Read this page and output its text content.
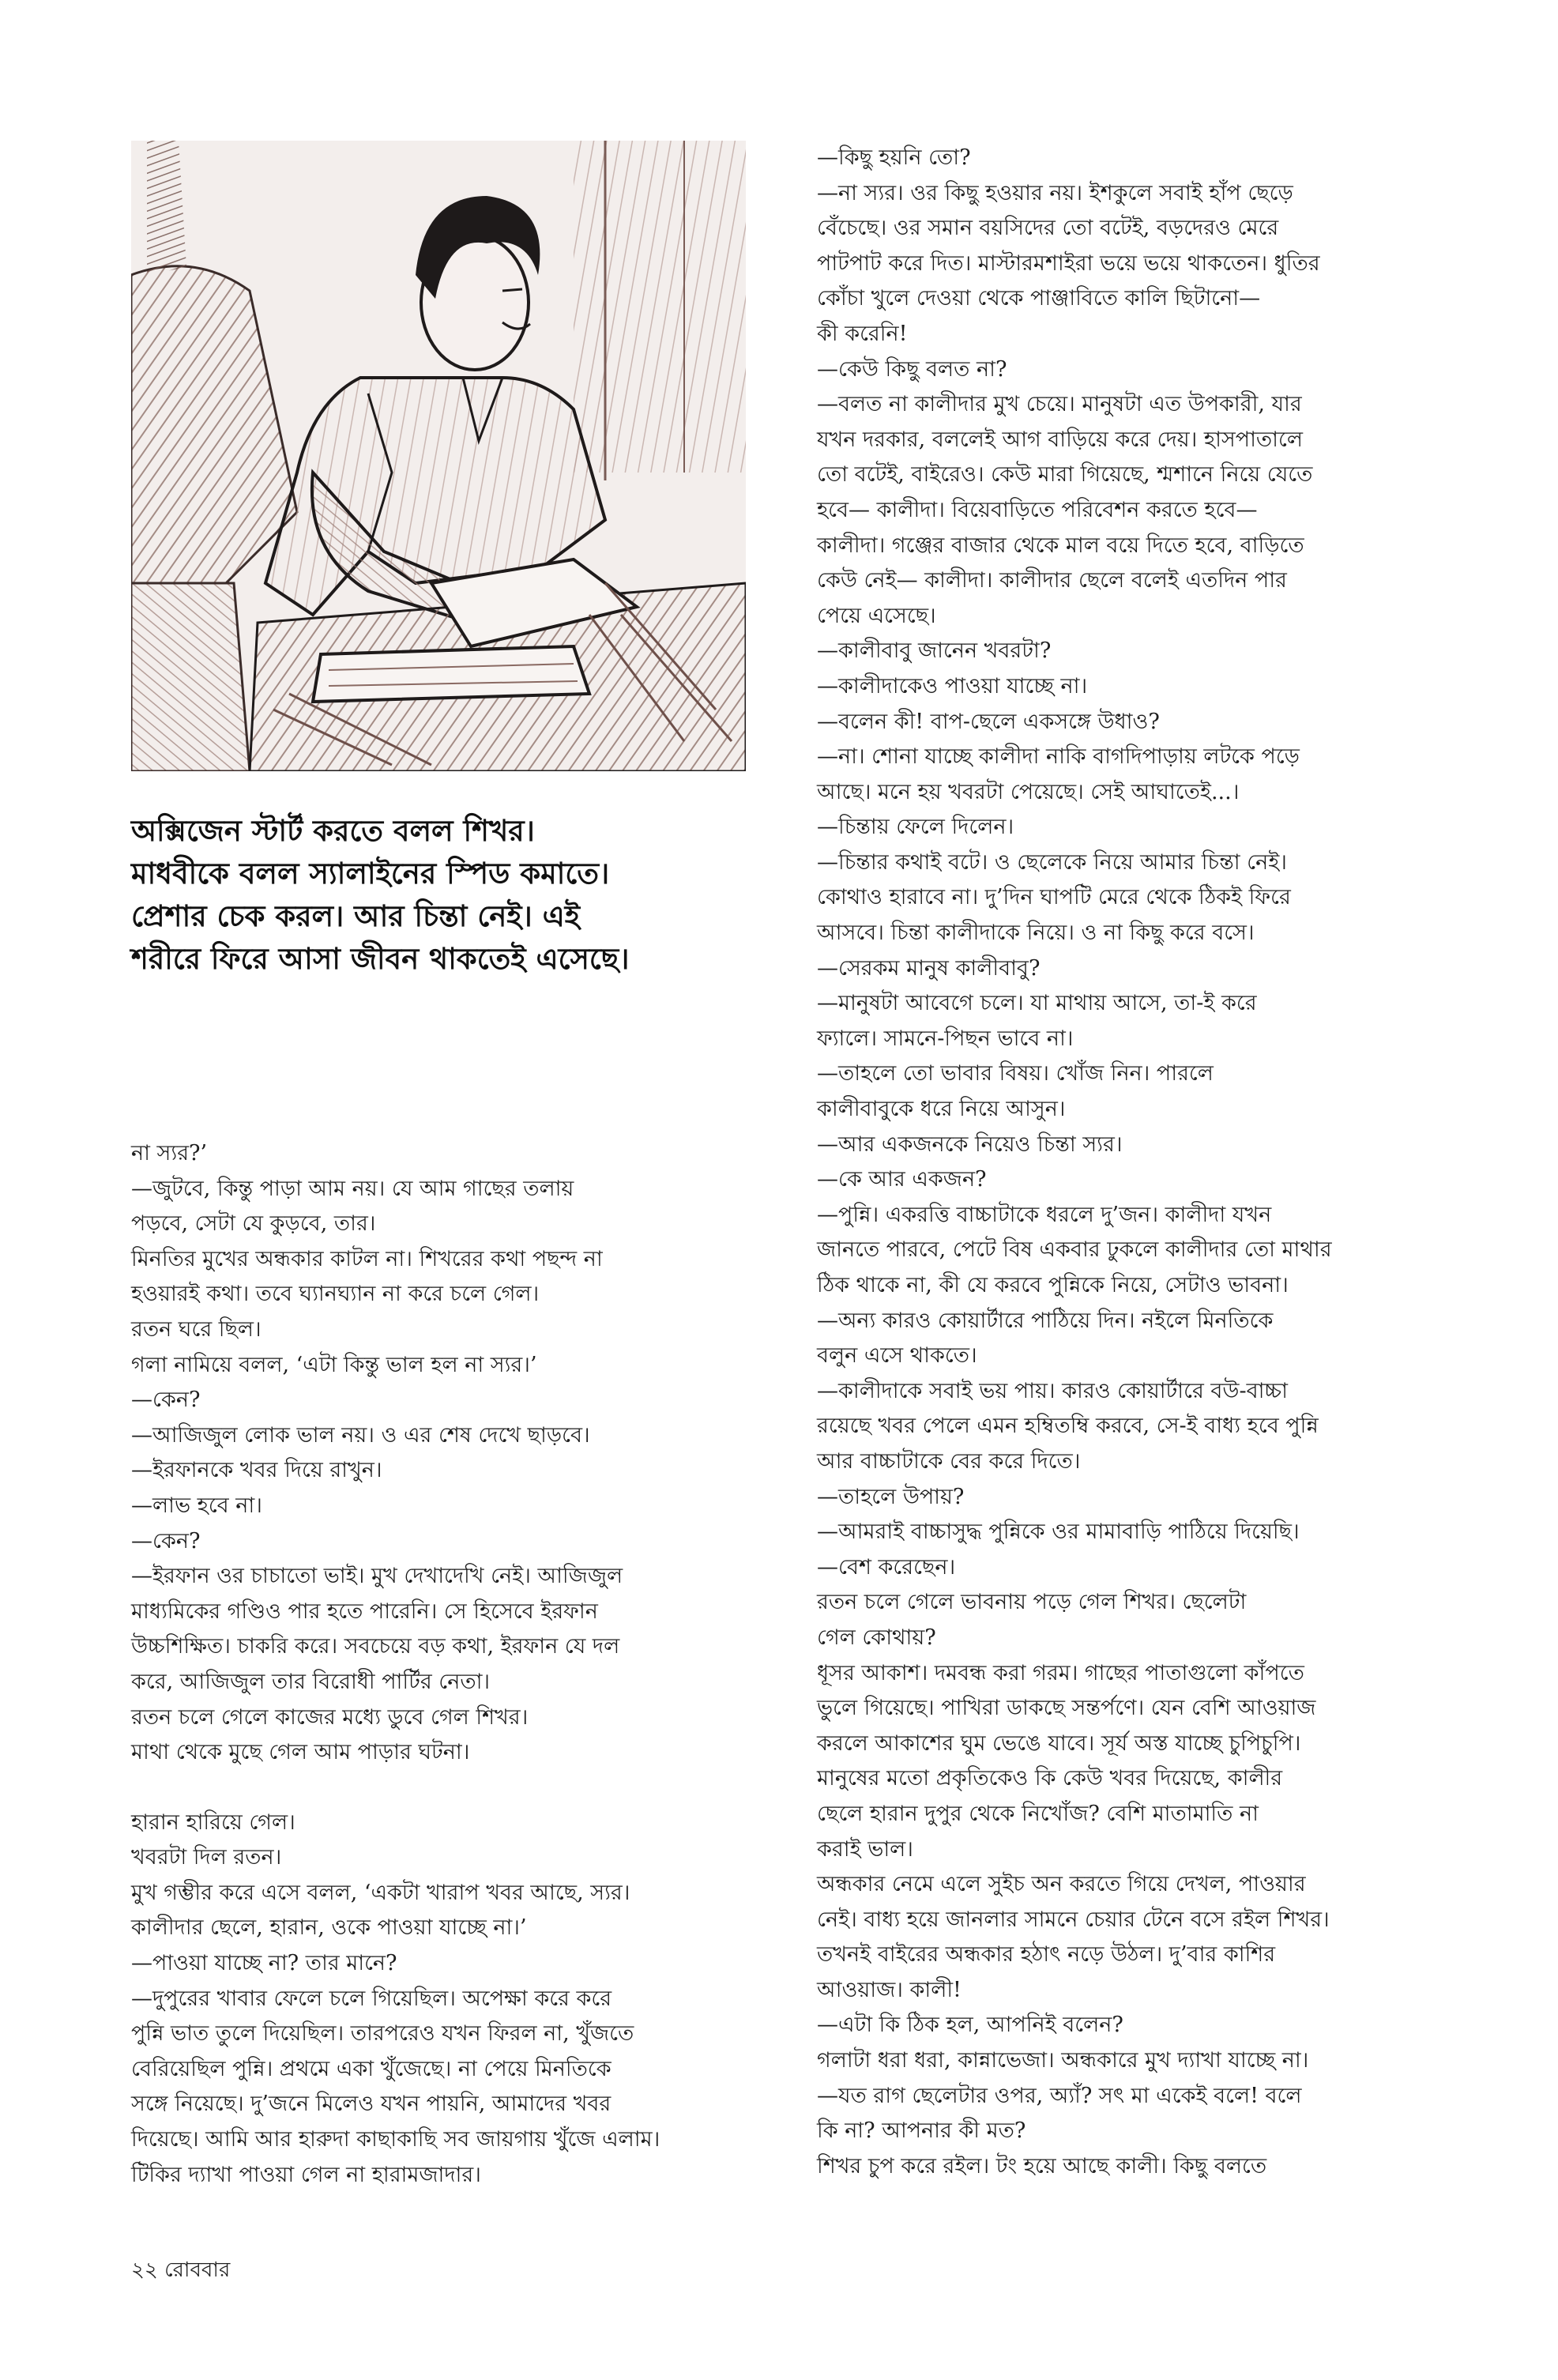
অক্সিজেন স্টার্ট করতে বলল শিখর।

মাধবীকে বলল স্যালাইনের স্পিড কমাতে।

প্রেশার চেক করল। আর চিন্তা নেই। এই

শরীরে ফিরে আসা জীবন থাকতেই এসেছে।

না স্যর?’

—জুটবে, কিন্তু পাড়া আম নয়। যে আম গাছের তলায়

পড়বে, সেটা যে কুড়বে, তার।

মিনতির মুখের অন্ধকার কাটল না। শিখরের কথা পছন্দ না

হওয়ারই কথা। তবে ঘ্যানঘ্যান না করে চলে গেল।

রতন ঘরে ছিল।

গলা নামিয়ে বলল, ‘এটা কিন্তু ভাল হল না স্যর।’

—কেন?

—আজিজুল লোক ভাল নয়। ও এর শেষ দেখে ছাড়বে।

—ইরফানকে খবর দিয়ে রাখুন।

—লাভ হবে না।

—কেন?

—ইরফান ওর চাচাতো ভাই। মুখ দেখাদেখি নেই। আজিজুল

মাধ্যমিকের গণ্ডিও পার হতে পারেনি। সে হিসেবে ইরফান

উচ্চশিক্ষিত। চাকরি করে। সবচেয়ে বড় কথা, ইরফান যে দল

করে, আজিজুল তার বিরোধী পার্টির নেতা।

রতন চলে গেলে কাজের মধ্যে ডুবে গেল শিখর।

মাথা থেকে মুছে গেল আম পাড়ার ঘটনা।

হারান হারিয়ে গেল।

খবরটা দিল রতন।

মুখ গম্ভীর করে এসে বলল, ‘একটা খারাপ খবর আছে, স্যর।

কালীদার ছেলে, হারান, ওকে পাওয়া যাচ্ছে না।’

—পাওয়া যাচ্ছে না? তার মানে?

—দুপুরের খাবার ফেলে চলে গিয়েছিল। অপেক্ষা করে করে

পুন্নি ভাত তুলে দিয়েছিল। তারপরেও যখন ফিরল না, খুঁজতে

বেরিয়েছিল পুন্নি। প্রথমে একা খুঁজেছে। না পেয়ে মিনতিকে

সঙ্গে নিয়েছে। দু’জনে মিলেও যখন পায়নি, আমাদের খবর

দিয়েছে। আমি আর হারুদা কাছাকাছি সব জায়গায় খুঁজে এলাম।

টিকির দ্যাখা পাওয়া গেল না হারামজাদার।

—কিছু হয়নি তো?

—না স্যর। ওর কিছু হওয়ার নয়। ইশকুলে সবাই হাঁপ ছেড়ে

বেঁচেছে। ওর সমান বয়সিদের তো বটেই, বড়দেরও মেরে

পাটপাট করে দিত। মাস্টারমশাইরা ভয়ে ভয়ে থাকতেন। ধুতির

কোঁচা খুলে দেওয়া থেকে পাঞ্জাবিতে কালি ছিটানো—

কী করেনি!

—কেউ কিছু বলত না?

—বলত না কালীদার মুখ চেয়ে। মানুষটা এত উপকারী, যার

যখন দরকার, বললেই আগ বাড়িয়ে করে দেয়। হাসপাতালে

তো বটেই, বাইরেও। কেউ মারা গিয়েছে, শ্মশানে নিয়ে যেতে

হবে— কালীদা। বিয়েবাড়িতে পরিবেশন করতে হবে—

কালীদা। গঞ্জের বাজার থেকে মাল বয়ে দিতে হবে, বাড়িতে

কেউ নেই— কালীদা। কালীদার ছেলে বলেই এতদিন পার

পেয়ে এসেছে।

—কালীবাবু জানেন খবরটা?

—কালীদাকেও পাওয়া যাচ্ছে না।

—বলেন কী! বাপ-ছেলে একসঙ্গে উধাও?

—না। শোনা যাচ্ছে কালীদা নাকি বাগদিপাড়ায় লটকে পড়ে

আছে। মনে হয় খবরটা পেয়েছে। সেই আঘাতেই...।

—চিন্তায় ফেলে দিলেন।

—চিন্তার কথাই বটে। ও ছেলেকে নিয়ে আমার চিন্তা নেই।

কোথাও হারাবে না। দু’দিন ঘাপটি মেরে থেকে ঠিকই ফিরে

আসবে। চিন্তা কালীদাকে নিয়ে। ও না কিছু করে বসে।

—সেরকম মানুষ কালীবাবু?

—মানুষটা আবেগে চলে। যা মাথায় আসে, তা-ই করে

ফ্যালে। সামনে-পিছন ভাবে না।

—তাহলে তো ভাবার বিষয়। খোঁজ নিন। পারলে

কালীবাবুকে ধরে নিয়ে আসুন।

—আর একজনকে নিয়েও চিন্তা স্যর।

—কে আর একজন?

—পুন্নি। একরত্তি বাচ্চাটাকে ধরলে দু’জন। কালীদা যখন

জানতে পারবে, পেটে বিষ একবার ঢুকলে কালীদার তো মাথার

ঠিক থাকে না, কী যে করবে পুন্নিকে নিয়ে, সেটাও ভাবনা।

—অন্য কারও কোয়ার্টারে পাঠিয়ে দিন। নইলে মিনতিকে

বলুন এসে থাকতে।

—কালীদাকে সবাই ভয় পায়। কারও কোয়ার্টারে বউ-বাচ্চা

রয়েছে খবর পেলে এমন হম্বিতম্বি করবে, সে-ই বাধ্য হবে পুন্নি

আর বাচ্চাটাকে বের করে দিতে।

—তাহলে উপায়?

—আমরাই বাচ্চাসুদ্ধ পুন্নিকে ওর মামাবাড়ি পাঠিয়ে দিয়েছি।

—বেশ করেছেন।

রতন চলে গেলে ভাবনায় পড়ে গেল শিখর। ছেলেটা

গেল কোথায়?

ধূসর আকাশ। দমবন্ধ করা গরম। গাছের পাতাগুলো কাঁপতে

ভুলে গিয়েছে। পাখিরা ডাকছে সন্তর্পণে। যেন বেশি আওয়াজ

করলে আকাশের ঘুম ভেঙে যাবে। সূর্য অস্ত যাচ্ছে চুপিচুপি।

মানুষের মতো প্রকৃতিকেও কি কেউ খবর দিয়েছে, কালীর

ছেলে হারান দুপুর থেকে নিখোঁজ? বেশি মাতামাতি না

করাই ভাল।

অন্ধকার নেমে এলে সুইচ অন করতে গিয়ে দেখল, পাওয়ার

নেই। বাধ্য হয়ে জানলার সামনে চেয়ার টেনে বসে রইল শিখর।

তখনই বাইরের অন্ধকার হঠাৎ নড়ে উঠল। দু’বার কাশির

আওয়াজ। কালী!

—এটা কি ঠিক হল, আপনিই বলেন?

গলাটা ধরা ধরা, কান্নাভেজা। অন্ধকারে মুখ দ্যাখা যাচ্ছে না।

—যত রাগ ছেলেটার ওপর, অ্যাঁ? সৎ মা একেই বলে! বলে

কি না? আপনার কী মত?

শিখর চুপ করে রইল। টং হয়ে আছে কালী। কিছু বলতে

২২ রোববার
